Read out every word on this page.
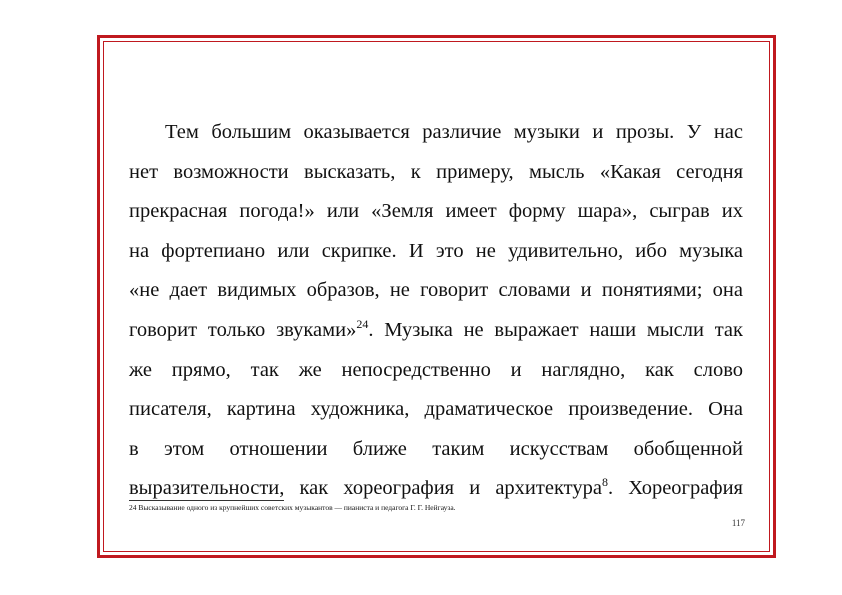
Тем большим оказывается различие музыки и прозы. У нас
нет возможности высказать, к примеру, мысль «Какая сегодня
прекрасная погода!» или «Земля имеет форму шара», сыграв их
на фортепиано или скрипке. И это не удивительно, ибо музыка
«не дает видимых образов, не говорит словами и понятиями; она
говорит только звуками»$^{24}$. Музыка не выражает наши мысли так
же прямо, так же непосредственно и наглядно, как слово
писателя, картина художника, драматическое произведение. Она
в этом отношении ближе таким искусствам обобщенной
выразительности, как хореография и архитектура$^8$. Хореография
24 Высказывание одного из крупнейших советских музыкантов — пианиста и педагога Г. Г. Нейгауза.
117
